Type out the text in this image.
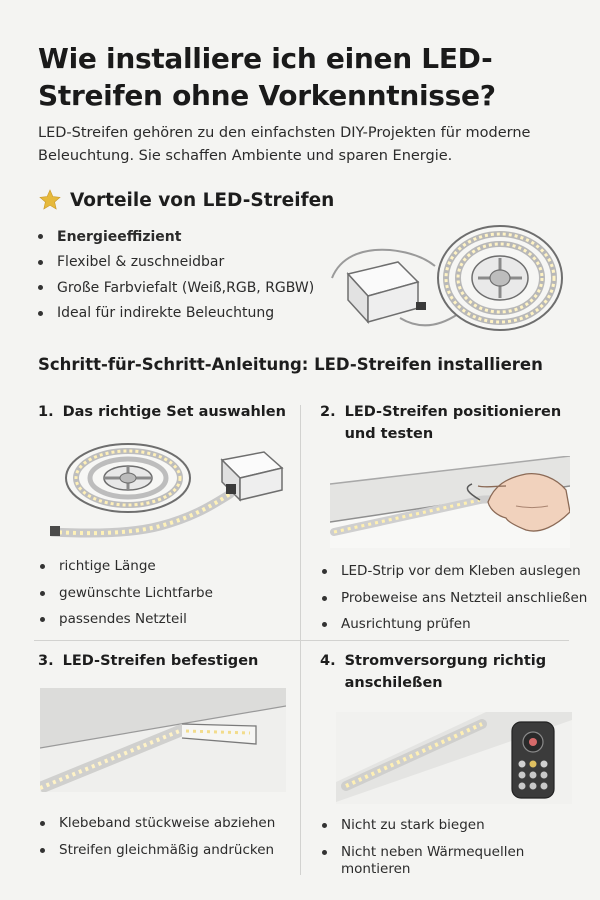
Wie installiere ich einen LED-Streifen ohne Vorkenntnisse?

LED-Streifen gehören zu den einfachsten DIY-Projekten für moderne Beleuchtung. Sie schaffen Ambiente und sparen Energie.

Vorteile von LED-Streifen
Energieeffizient
Flexibel & zuschneidbar
Große Farbviefalt (Weiß,RGB, RGBW)
Ideal für indirekte Beleuchtung
Schritt-für-Schritt-Anleitung: LED-Streifen installieren
1. Das richtige Set auswahlen
richtige Länge
gewünschte Lichtfarbe
passendes Netzteil
2. LED-Streifen positionieren und testen
LED-Strip vor dem Kleben auslegen
Probeweise ans Netzteil anschließen
Ausrichtung prüfen
3. LED-Streifen befestigen
Klebeband stückweise abziehen
Streifen gleichmäßig andrücken
4. Stromversorgung richtig anschileßen
Nicht zu stark biegen
Nicht neben Wärmequellen montieren
